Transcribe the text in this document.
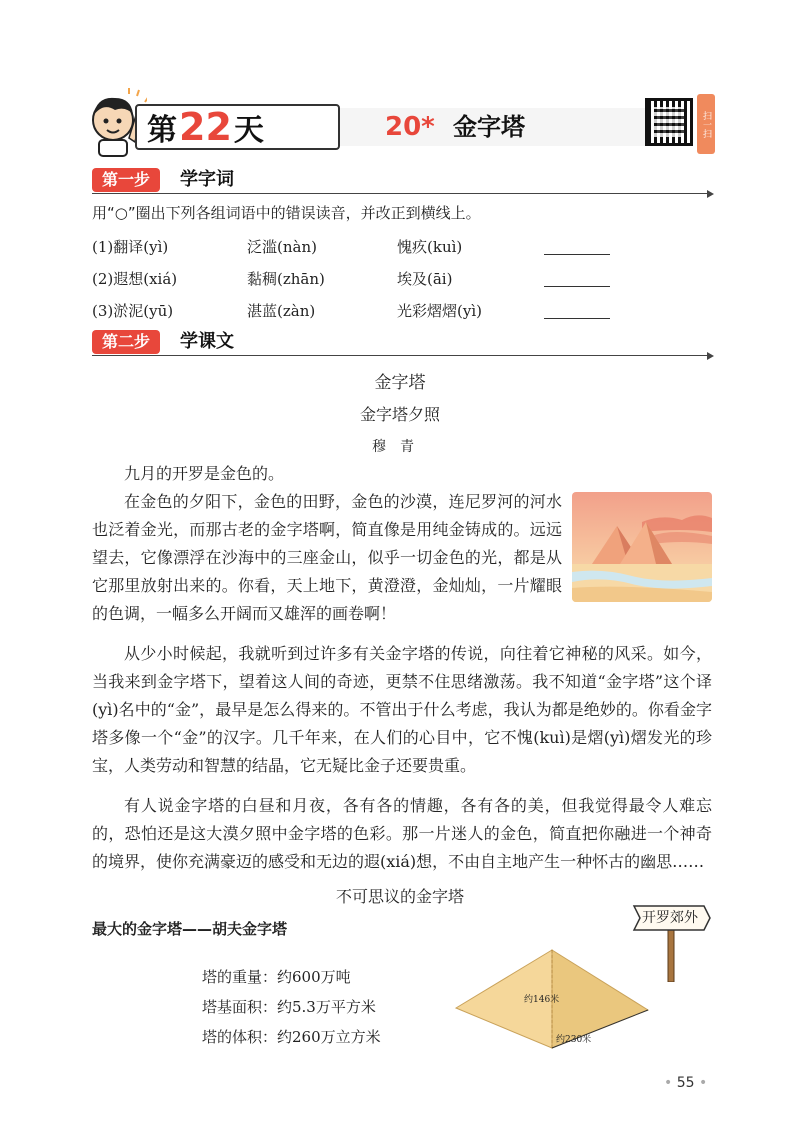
第22天	20* 金字塔	扫一扫
第一步	学字词
用“○”圈出下列各组词语中的错误读音，并改正到横线上。
(1)翻译(yì)	泛滥(nàn)	愧疚(kuì)
(2)遐想(xiá)	黏稠(zhān)	埃及(āi)
(3)淤泥(yū)	湛蓝(zàn)	光彩熠熠(yì)
第二步	学课文
金字塔
金字塔夕照
穆青
九月的开罗是金色的。
在金色的夕阳下，金色的田野，金色的沙漠，连尼罗河的河水也泛着金光，而那古老的金字塔啊，简直像是用纯金铸成的。远远望去，它像漂浮在沙海中的三座金山，似乎一切金色的光，都是从它那里放射出来的。你看，天上地下，黄澄澄，金灿灿，一片耀眼的色调，一幅多么开阔而又雄浑的画卷啊！
从少小时候起，我就听到过许多有关金字塔的传说，向往着它神秘的风采。如今，当我来到金字塔下，望着这人间的奇迹，更禁不住思绪激荡。我不知道“金字塔”这个译(yì)名中的“金”，最早是怎么得来的。不管出于什么考虑，我认为都是绝妙的。你看金字塔多像一个“金”的汉字。几千年来，在人们的心目中，它不愧(kuì)是熠(yì)熠发光的珍宝，人类劳动和智慧的结晶，它无疑比金子还要贵重。
有人说金字塔的白昼和月夜，各有各的情趣，各有各的美，但我觉得最令人难忘的，恐怕还是这大漠夕照中金字塔的色彩。那一片迷人的金色，简直把你融进一个神奇的境界，使你充满豪迈的感受和无边的遐(xiá)想，不由自主地产生一种怀古的幽思……
不可思议的金字塔
最大的金字塔——胡夫金字塔
开罗郊外
塔的重量：约600万吨
塔基面积：约5.3万平方米
塔的体积：约260万立方米
约146米
约230米
• 55 •
